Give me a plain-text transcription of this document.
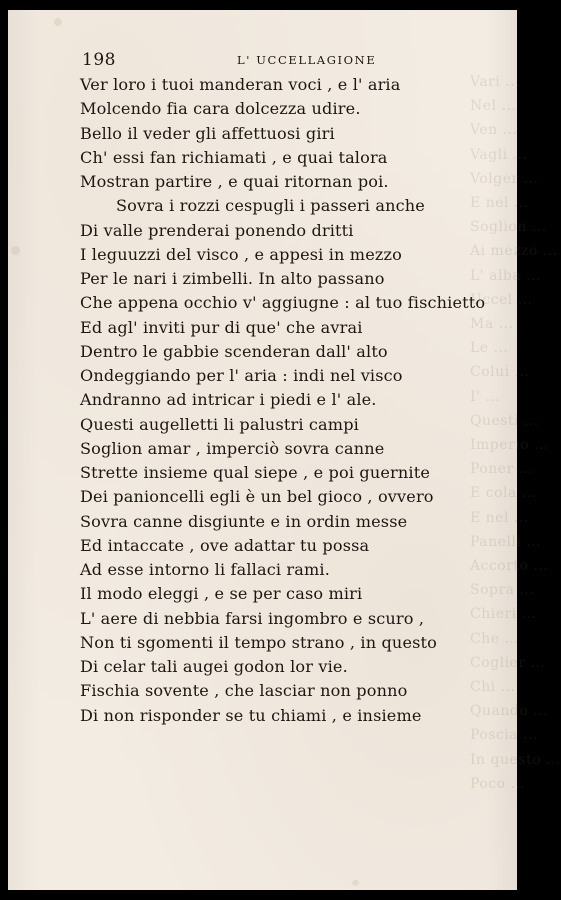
Vari ...
Nel ...
Ven ...
Vagli ...
Volger ...
E nel ...
Soglion ...
Ai mezzo ...
L' alba ...
Uccel ...
Ma ...
Le ...
Colui ...
I' ...
Questi ...
Imperio ...
Poner ...
E cola ...
E nel ...
Panelli ...
Accorto ...
Sopra ...
Chieri ...
Che ...
Coglier ...
Chi ...
Quando ...
Poscia ...
In questo ...
Poco ...
198	L' UCCELLAGIONE
Ver loro i tuoi manderan voci , e l' aria
Molcendo fia cara dolcezza udire.
Bello il veder gli affettuosi giri
Ch' essi fan richiamati , e quai talora
Mostran partire , e quai ritornan poi.
Sovra i rozzi cespugli i passeri anche
Di valle prenderai ponendo dritti
I leguuzzi del visco , e appesi in mezzo
Per le nari i zimbelli. In alto passano
Che appena occhio v' aggiugne : al tuo fischietto
Ed agl' inviti pur di que' che avrai
Dentro le gabbie scenderan dall' alto
Ondeggiando per l' aria : indi nel visco
Andranno ad intricar i piedi e l' ale.
Questi augelletti li palustri campi
Soglion amar , imperciò sovra canne
Strette insieme qual siepe , e poi guernite
Dei panioncelli egli è un bel gioco , ovvero
Sovra canne disgiunte e in ordin messe
Ed intaccate , ove adattar tu possa
Ad esse intorno li fallaci rami.
Il modo eleggi , e se per caso miri
L' aere di nebbia farsi ingombro e scuro ,
Non ti sgomenti il tempo strano , in questo
Di celar tali augei godon lor vie.
Fischia sovente , che lasciar non ponno
Di non risponder se tu chiami , e insieme
